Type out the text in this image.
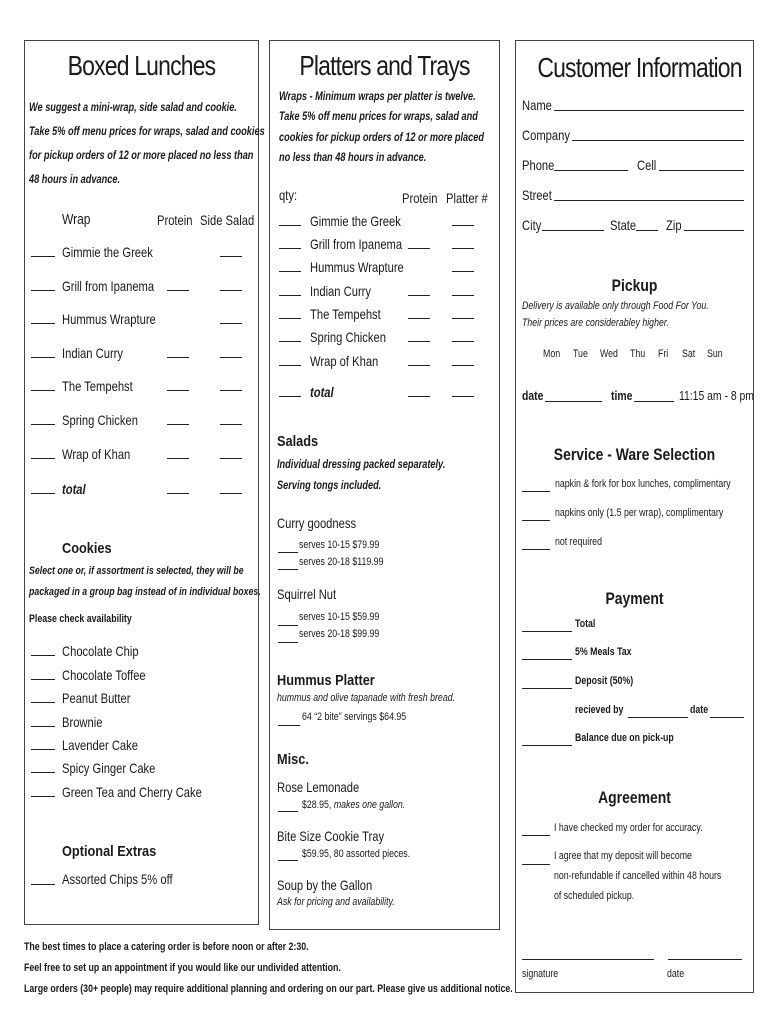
Boxed Lunches
We suggest a mini-wrap, side salad and cookie.
Take 5% off menu prices for wraps, salad and cookies
for pickup orders of 12 or more placed no less than
48 hours in advance.
Wrap	Protein Side Salad
Gimmie the Greek
Grill from Ipanema
Hummus Wrapture
Indian Curry
The Tempehst
Spring Chicken
Wrap of Khan
total
Cookies
Select one or, if assortment is selected, they will be
packaged in a group bag instead of in individual boxes.
Please check availability
Chocolate Chip
Chocolate Toffee
Peanut Butter
Brownie
Lavender Cake
Spicy Ginger Cake
Green Tea and Cherry Cake
Optional Extras
Assorted Chips 5% off
Platters and Trays
Wraps - Minimum wraps per platter is twelve.
Take 5% off menu prices for wraps, salad and
cookies for pickup orders of 12 or more placed
no less than 48 hours in advance.
qty:	Protein Platter #
Gimmie the Greek
Grill from Ipanema
Hummus Wrapture
Indian Curry
The Tempehst
Spring Chicken
Wrap of Khan
total
Salads
Individual dressing packed separately.
Serving tongs included.
Curry goodness
serves 10-15 $79.99
serves 20-18 $119.99
Squirrel Nut
serves 10-15 $59.99
serves 20-18 $99.99
Hummus Platter
hummus and olive tapanade with fresh bread.
64 “2 bite” servings $64.95
Misc.
Rose Lemonade
$28.95, makes one gallon.
Bite Size Cookie Tray
$59.95, 80 assorted pieces.
Soup by the Gallon
Ask for pricing and availability.
Customer Information
Name
Company
Phone	Cell
Street
City	State Zip
Pickup
Delivery is available only through Food For You.
Their prices are considerabley higher.
Mon Tue Wed Thu Fri Sat Sun
date	time	11:15 am - 8 pm
Service - Ware Selection
napkin & fork for box lunches, complimentary
napkins only (1.5 per wrap), complimentary
not required
Payment
Total
5% Meals Tax
Deposit (50%)
recieved by	date
Balance due on pick-up
Agreement
I have checked my order for accuracy.
I agree that my deposit will become
non-refundable if cancelled within 48 hours
of scheduled pickup.
signature	date
The best times to place a catering order is before noon or after 2:30.
Feel free to set up an appointment if you would like our undivided attention.
Large orders (30+ people) may require additional planning and ordering on our part. Please give us additional notice.
